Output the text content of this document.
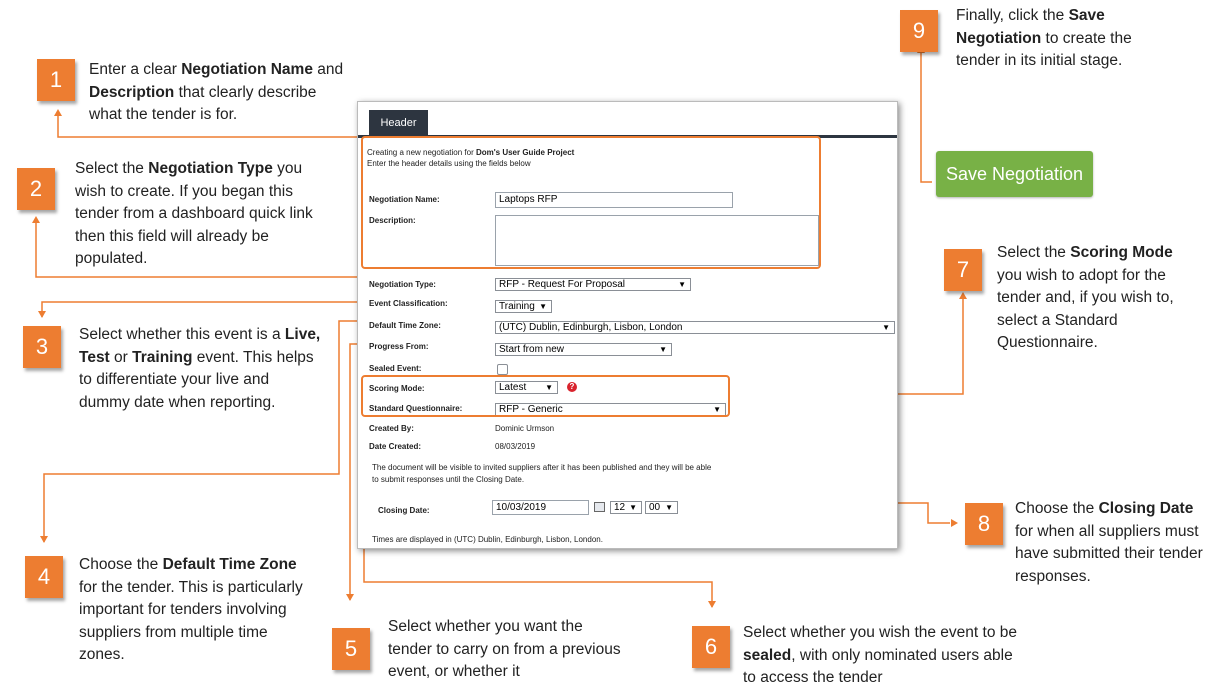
Header
Creating a new negotiation for Dom's User Guide Project
Enter the header details using the fields below
Negotiation Name:	Laptops RFP
Description:
Negotiation Type:	RFP - Request For Proposal	▼
Event Classification:	Training ▼
Default Time Zone:	(UTC) Dublin, Edinburgh, Lisbon, London	▼
Progress From:	Start from new	▼
Sealed Event:
Scoring Mode:	Latest ▼	?
Standard Questionnaire:	RFP - Generic	▼
Created By:	Dominic Urmson
Date Created:	08/03/2019
The document will be visible to invited suppliers after it has been published and they will be able
to submit responses until the Closing Date.
Closing Date:	10/03/2019	12 ▼	00 ▼
Times are displayed in (UTC) Dublin, Edinburgh, Lisbon, London.
Save Negotiation
1
2
3
4
5	6
7
8
9
Enter a clear Negotiation Name and Description that clearly describe what the tender is for.
Select the Negotiation Type you wish to create. If you began this tender from a dashboard quick link then this field will already be populated.
Select whether this event is a Live, Test or Training event. This helps to differentiate your live and dummy date when reporting.
Choose the Default Time Zone for the tender. This is particularly important for tenders involving suppliers from multiple time zones.
Select whether you want the tender to carry on from a previous event, or whether it
Select whether you wish the event to be sealed, with only nominated users able to access the tender
Select the Scoring Mode you wish to adopt for the tender and, if you wish to, select a Standard Questionnaire.
Choose the Closing Date for when all suppliers must have submitted their tender responses.
Finally, click the Save Negotiation to create the tender in its initial stage.
